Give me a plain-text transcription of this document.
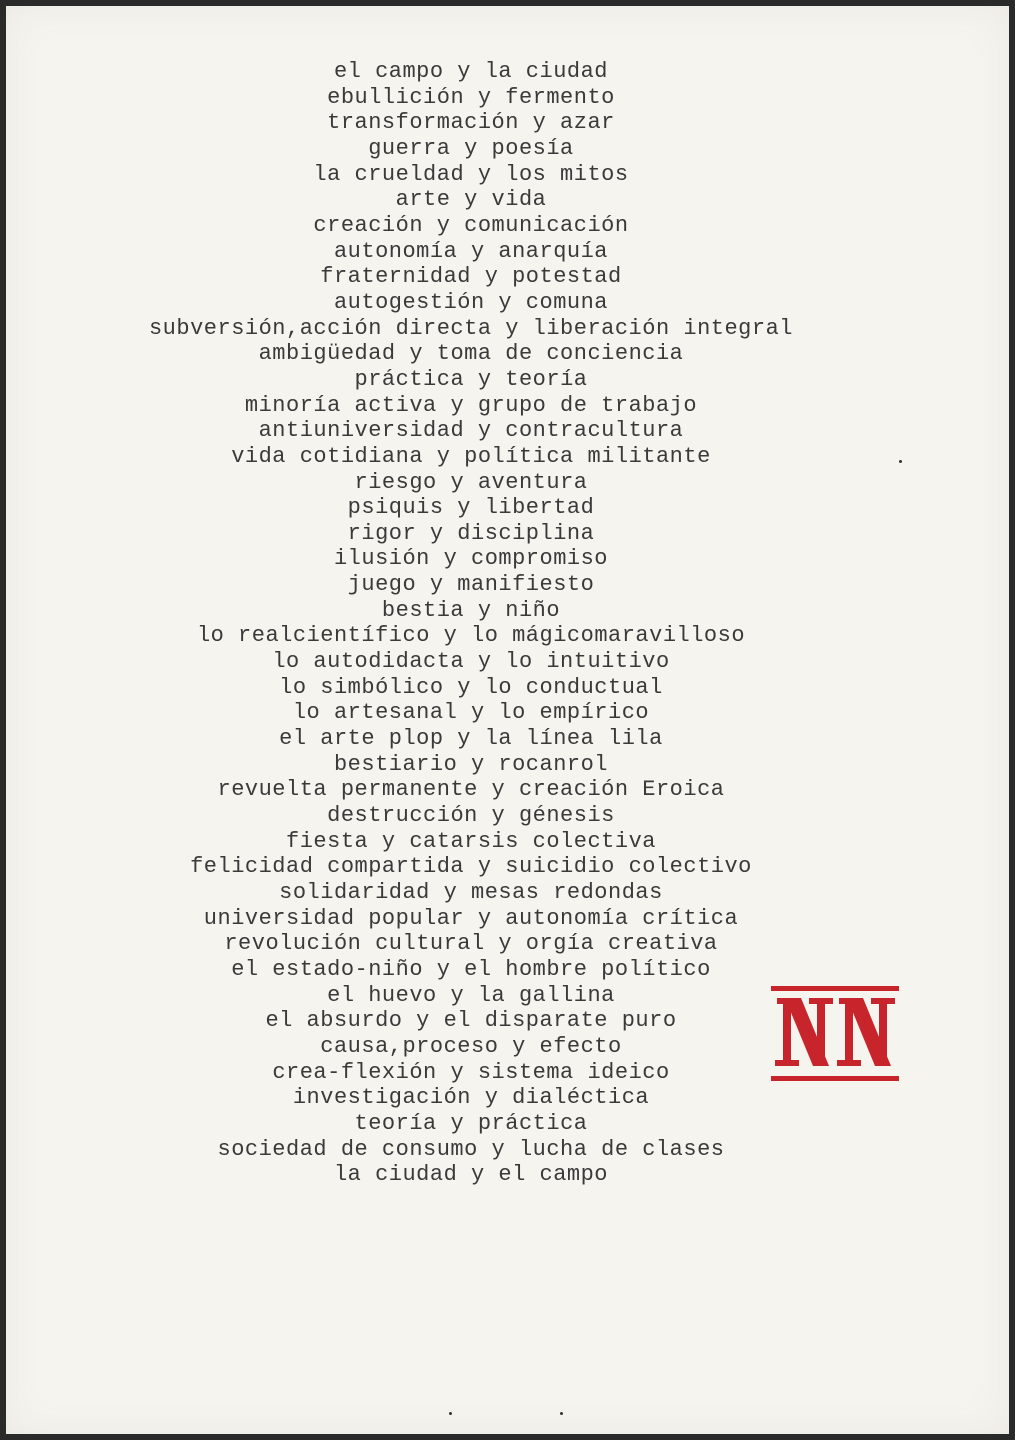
el campo y la ciudad
ebullición y fermento
transformación y azar
guerra y poesía
la crueldad y los mitos
arte y vida
creación y comunicación
autonomía y anarquía
fraternidad y potestad
autogestión y comuna
subversión,acción directa y liberación integral
ambigüedad y toma de conciencia
práctica y teoría
minoría activa y grupo de trabajo
antiuniversidad y contracultura
vida cotidiana y política militante
riesgo y aventura
psiquis y libertad
rigor y disciplina
ilusión y compromiso
juego y manifiesto
bestia y niño
lo realcientífico y lo mágicomaravilloso
lo autodidacta y lo intuitivo
lo simbólico y lo conductual
lo artesanal y lo empírico
el arte plop y la línea lila
bestiario y rocanrol
revuelta permanente y creación Eroica
destrucción y génesis
fiesta y catarsis colectiva
felicidad compartida y suicidio colectivo
solidaridad y mesas redondas
universidad popular y autonomía crítica
revolución cultural y orgía creativa
el estado-niño y el hombre político
el huevo y la gallina
el absurdo y el disparate puro
causa,proceso y efecto
crea-flexión y sistema ideico
investigación y dialéctica
teoría y práctica
sociedad de consumo y lucha de clases
la ciudad y el campo
